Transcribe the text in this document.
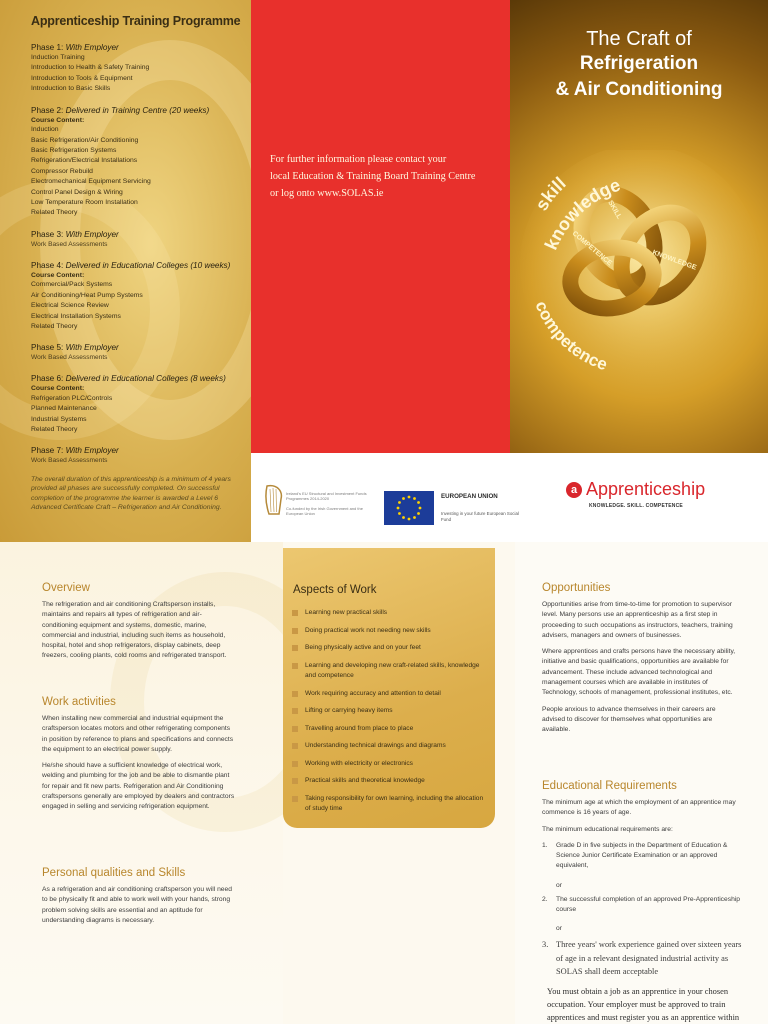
Apprenticeship Training Programme
Phase 1: With Employer
Induction Training
Introduction to Health & Safety Training
Introduction to Tools & Equipment
Introduction to Basic Skills
Phase 2: Delivered in Training Centre (20 weeks)
Course Content:
Induction
Basic Refrigeration/Air Conditioning
Basic Refrigeration Systems
Refrigeration/Electrical Installations
Compressor Rebuild
Electromechanical Equipment Servicing
Control Panel Design & Wiring
Low Temperature Room Installation
Related Theory
Phase 3: With Employer
Work Based Assessments
Phase 4: Delivered in Educational Colleges (10 weeks)
Course Content:
Commercial/Pack Systems
Air Conditioning/Heat Pump Systems
Electrical Science Review
Electrical Installation Systems
Related Theory
Phase 5: With Employer
Work Based Assessments
Phase 6: Delivered in Educational Colleges (8 weeks)
Course Content:
Refrigeration PLC/Controls
Planned Maintenance
Industrial Systems
Related Theory
Phase 7: With Employer
Work Based Assessments
The overall duration of this apprenticeship is a minimum of 4 years provided all phases are successfully completed. On successful completion of the programme the learner is awarded a Level 6 Advanced Certificate Craft – Refrigeration and Air Conditioning.
For further information please contact your
local Education & Training Board Training Centre
or log onto www.SOLAS.ie
The Craft of
Refrigeration
& Air Conditioning
skill
knowledge
competence
SKILL
KNOWLEDGE
COMPETENCE
Ireland's EU Structural and Investment Funds Programmes 2014-2020
Co-funded by the Irish Government and the European Union
EUROPEAN UNION
Investing in your future European Social Fund
a Apprenticeship
KNOWLEDGE. SKILL. COMPETENCE
Overview

The refrigeration and air conditioning Craftsperson installs, maintains and repairs all types of refrigeration and air-conditioning equipment and systems, domestic, marine, commercial and industrial, including such items as household, hospital, hotel and shop refrigerators, display cabinets, deep freezers, cooling plants, cold rooms and refrigerated transport.

Work activities

When installing new commercial and industrial equipment the craftsperson locates motors and other refrigerating components in position by reference to plans and specifications and connects the equipment to an electrical power supply.

He/she should have a sufficient knowledge of electrical work, welding and plumbing for the job and be able to dismantle plant for repair and fit new parts. Refrigeration and Air Conditioning craftspersons generally are employed by dealers and contractors engaged in selling and servicing refrigeration equipment.

Personal qualities and Skills

As a refrigeration and air conditioning craftsperson you will need to be physically fit and able to work well with your hands, strong problem solving skills are essential and an aptitude for understanding diagrams is necessary.

Aspects of Work
Learning new practical skills
Doing practical work not needing new skills
Being physically active and on your feet
Learning and developing new craft-related skills, knowledge and competence
Work requiring accuracy and attention to detail
Lifting or carrying heavy items
Travelling around from place to place
Understanding technical drawings and diagrams
Working with electricity or electronics
Practical skills and theoretical knowledge
Taking responsibility for own learning, including the allocation of study time
Opportunities

Opportunities arise from time-to-time for promotion to supervisor level. Many persons use an apprenticeship as a first step in proceeding to such occupations as instructors, teachers, training advisers, managers and owners of businesses.

Where apprentices and crafts persons have the necessary ability, initiative and basic qualifications, opportunities are available for advancement. These include advanced technological and management courses which are available in institutes of Technology, schools of management, professional institutes, etc.

People anxious to advance themselves in their careers are advised to discover for themselves what opportunities are available.

Educational Requirements

The minimum age at which the employment of an apprentice may commence is 16 years of age.

The minimum educational requirements are:

1. Grade D in five subjects in the Department of Education & Science Junior Certificate Examination or an approved equivalent,
or
2. The successful completion of an approved Pre-Apprenticeship course
or
3. Three years' work experience gained over sixteen years of age in a relevant designated industrial activity as SOLAS shall deem acceptable
You must obtain a job as an apprentice in your chosen occupation. Your employer must be approved to train apprentices and must register you as an apprentice within
